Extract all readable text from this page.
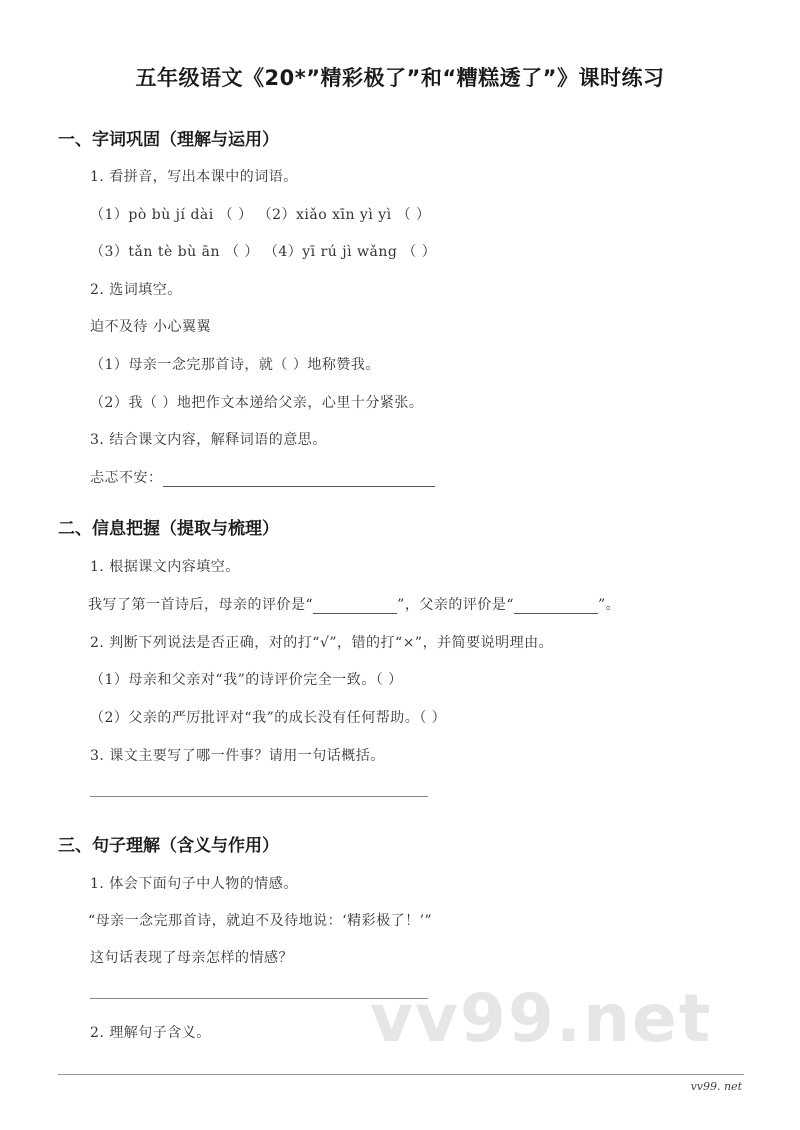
五年级语文《20*”精彩极了”和“糟糕透了”》课时练习
一、字词巩固（理解与运用）
1. 看拼音，写出本课中的词语。
（1）pò bù jí dài （ ） （2）xiǎo xīn yì yì （ ）
（3）tǎn tè bù ān （ ） （4）yī rú jì wǎng （ ）
2. 选词填空。
迫不及待 小心翼翼
（1）母亲一念完那首诗，就（ ）地称赞我。
（2）我（ ）地把作文本递给父亲，心里十分紧张。
3. 结合课文内容，解释词语的意思。
忐忑不安：
二、信息把握（提取与梳理）
1. 根据课文内容填空。
我写了第一首诗后，母亲的评价是“	”，父亲的评价是“	”。
2. 判断下列说法是否正确，对的打“√”，错的打“×”，并简要说明理由。
（1）母亲和父亲对“我”的诗评价完全一致。（ ）
（2）父亲的严厉批评对“我”的成长没有任何帮助。（ ）
3. 课文主要写了哪一件事？请用一句话概括。
三、句子理解（含义与作用）
1. 体会下面句子中人物的情感。
“母亲一念完那首诗，就迫不及待地说：‘精彩极了！’”
这句话表现了母亲怎样的情感？
2. 理解句子含义。 vv99.net
vv99. net
